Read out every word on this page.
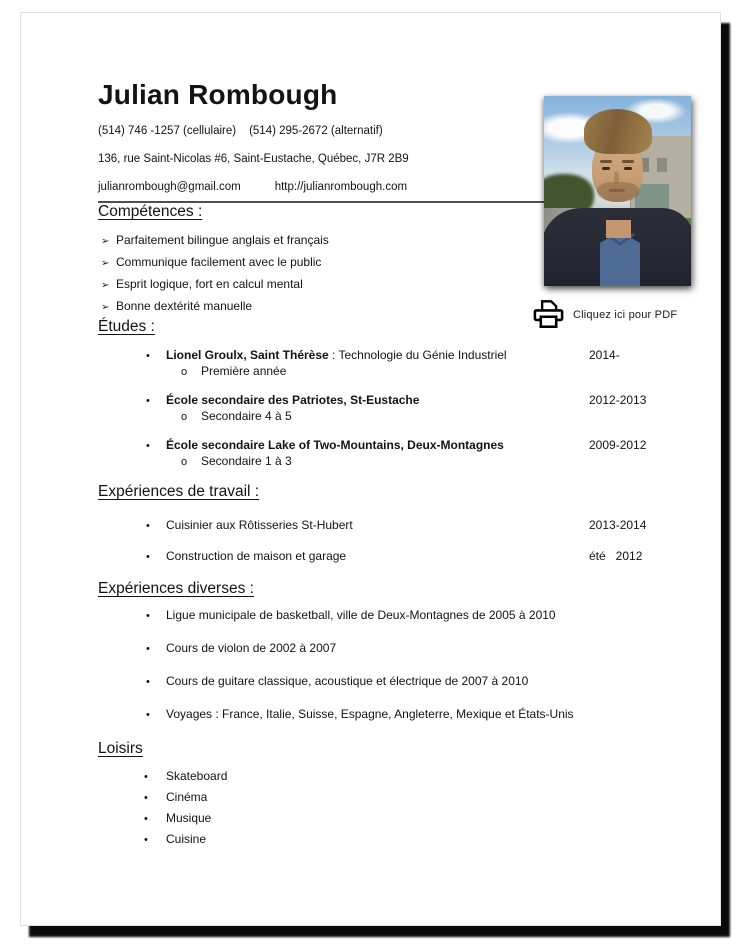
Julian Rombough
(514) 746 -1257 (cellulaire) (514) 295-2672 (alternatif)
136, rue Saint-Nicolas #6, Saint-Eustache, Québec, J7R 2B9
julianrombough@gmail.com	http://julianrombough.com
Compétences :
➢ Parfaitement bilingue anglais et français
➢ Communique facilement avec le public
➢ Esprit logique, fort en calcul mental
➢ Bonne dextérité manuelle
Études :
• Lionel Groulx, Saint Thérèse : Technologie du Génie Industriel	2014-
o Première année
• École secondaire des Patriotes, St-Eustache	2012-2013
o Secondaire 4 à 5
• École secondaire Lake of Two-Mountains, Deux-Montagnes	2009-2012
o Secondaire 1 à 3
Expériences de travail :
• Cuisinier aux Rôtisseries St-Hubert	2013-2014
• Construction de maison et garage	été   2012
Expériences diverses :
• Ligue municipale de basketball, ville de Deux-Montagnes de 2005 à 2010
• Cours de violon de 2002 à 2007
• Cours de guitare classique, acoustique et électrique de 2007 à 2010
• Voyages : France, Italie, Suisse, Espagne, Angleterre, Mexique et États-Unis
Loisirs
• Skateboard
• Cinéma
• Musique
• Cuisine
Cliquez ici pour PDF
